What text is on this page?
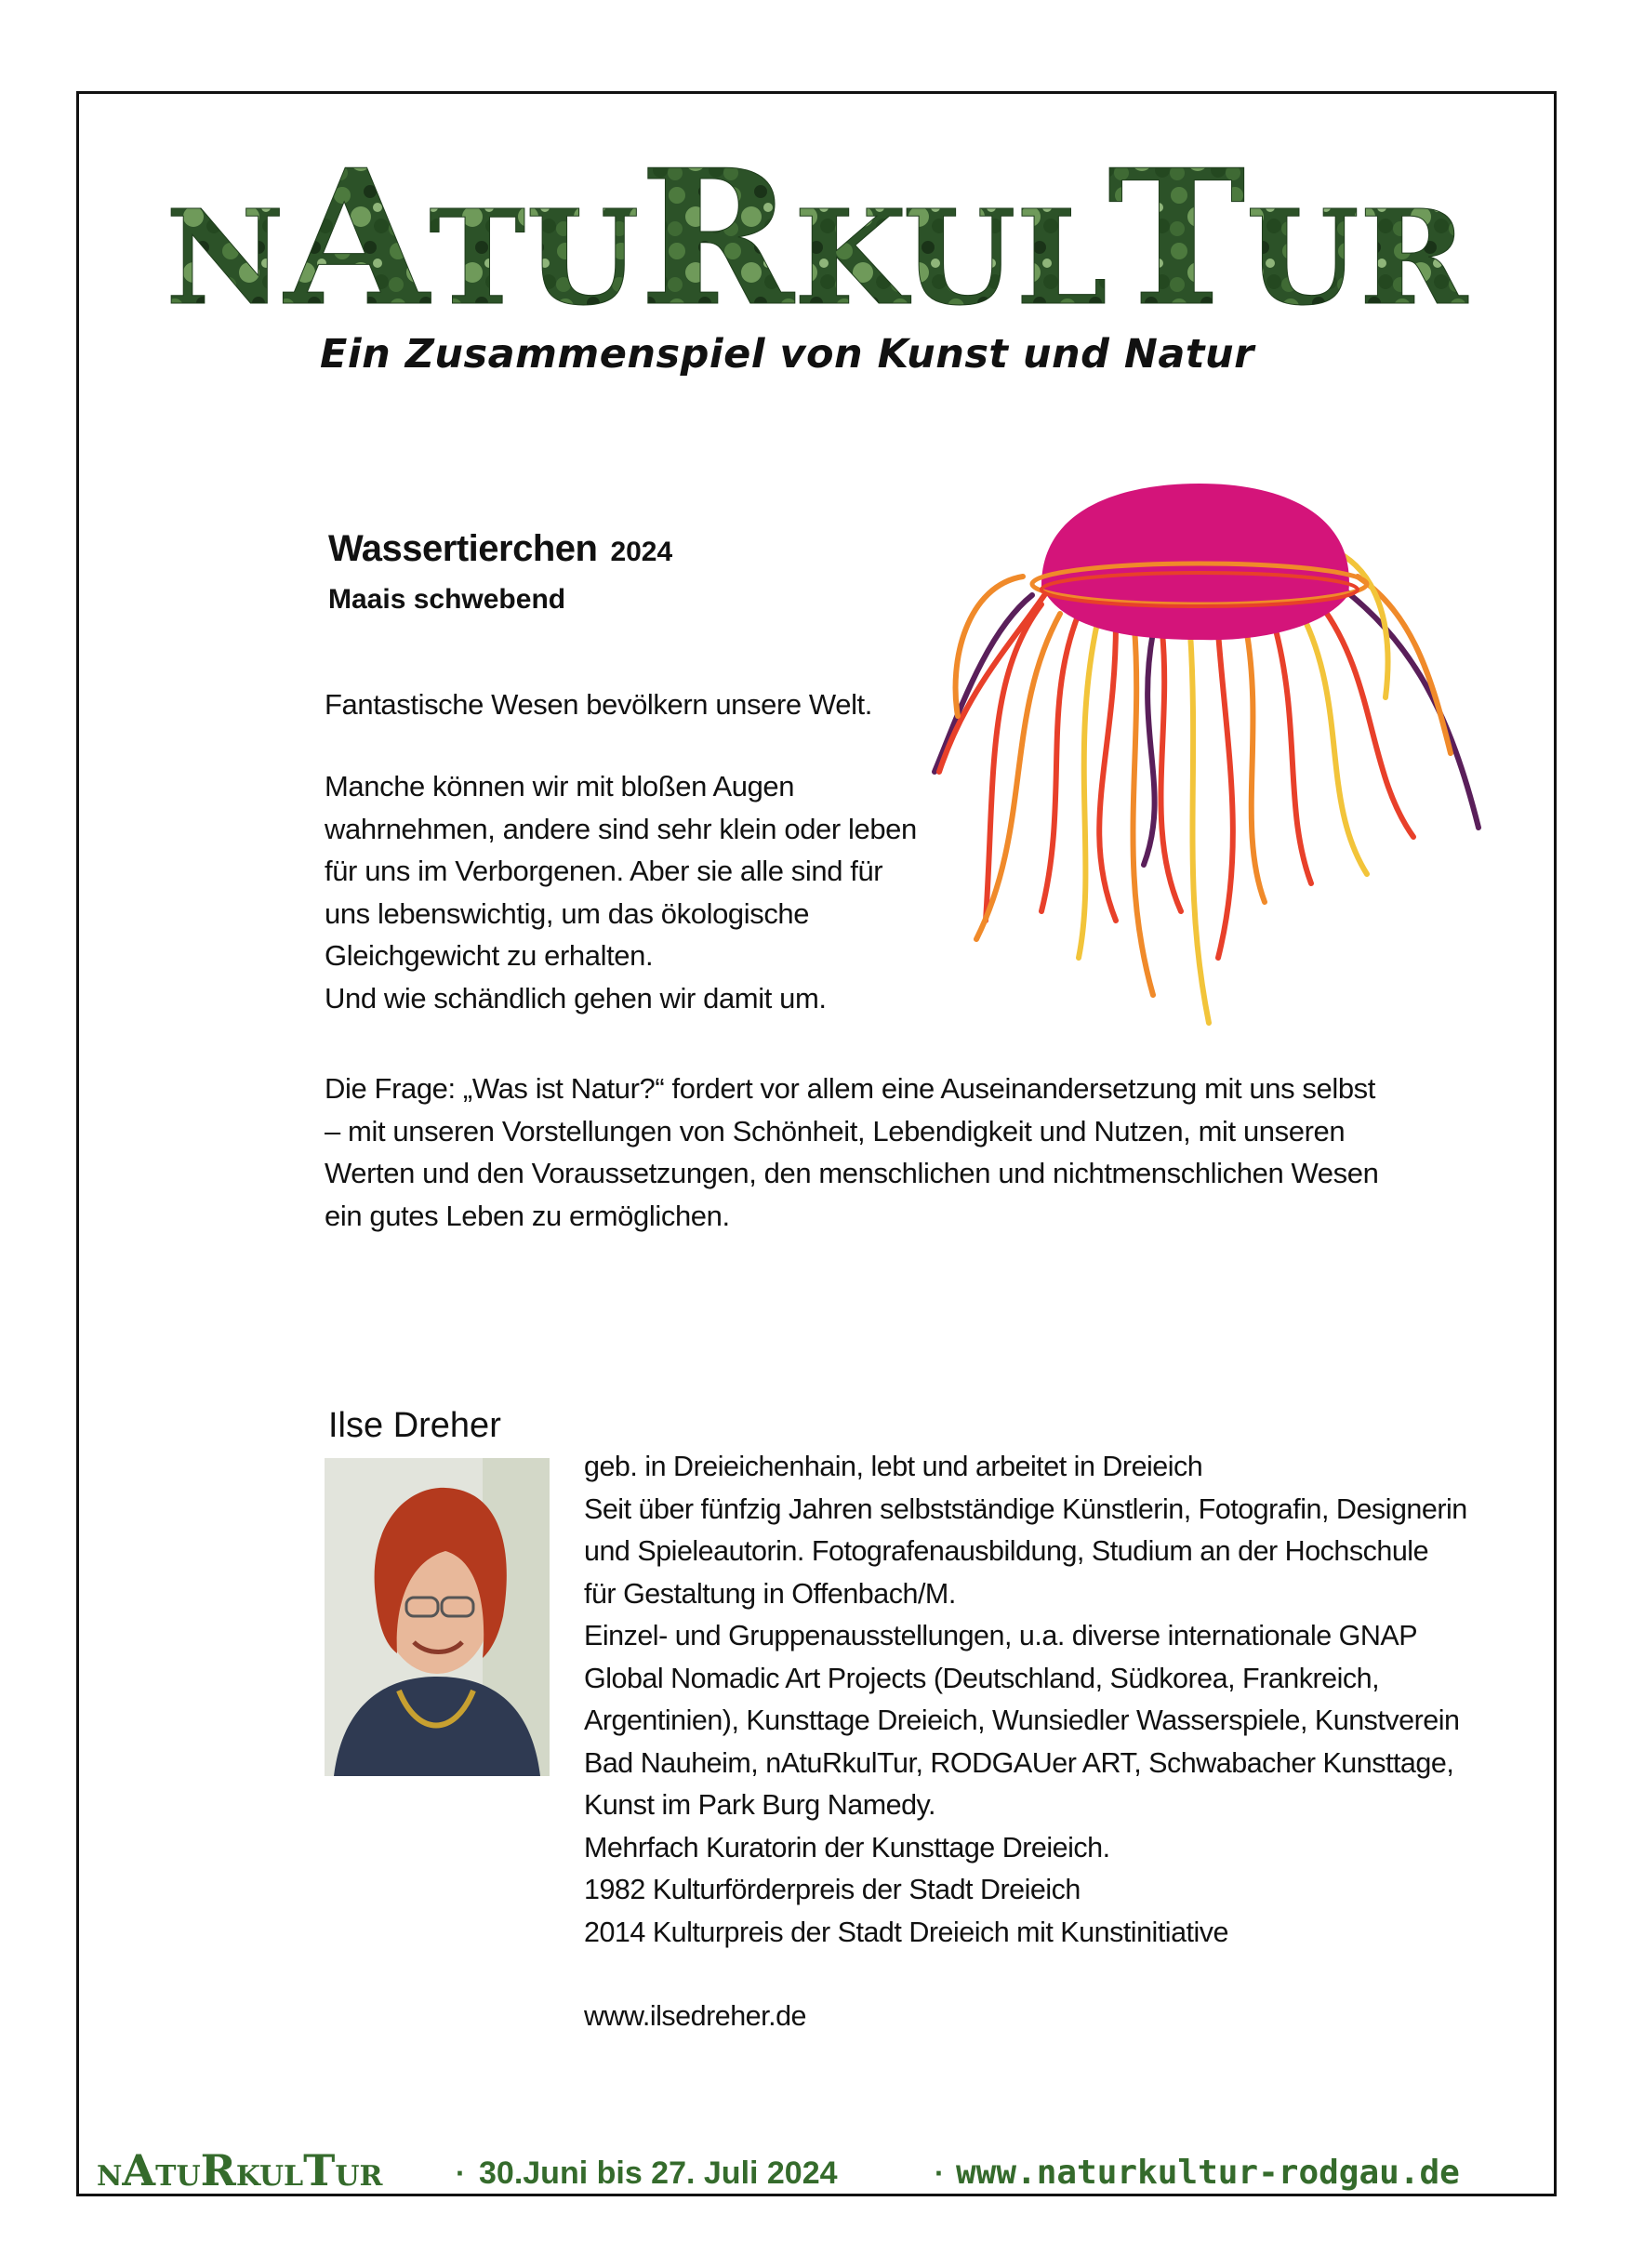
NATURKULTUR
Ein Zusammenspiel von Kunst und Natur
Wassertierchen 2024
Maais schwebend
Fantastische Wesen bevölkern unsere Welt.
Manche können wir mit bloßen Augen
wahrnehmen, andere sind sehr klein oder leben
für uns im Verborgenen. Aber sie alle sind für
uns lebenswichtig, um das ökologische
Gleichgewicht zu erhalten.
Und wie schändlich gehen wir damit um.
Die Frage: „Was ist Natur?“ fordert vor allem eine Auseinandersetzung mit uns selbst
– mit unseren Vorstellungen von Schönheit, Lebendigkeit und Nutzen, mit unseren
Werten und den Voraussetzungen, den menschlichen und nichtmenschlichen Wesen
ein gutes Leben zu ermöglichen.
Ilse Dreher
geb. in Dreieichenhain, lebt und arbeitet in Dreieich
Seit über fünfzig Jahren selbstständige Künstlerin, Fotografin, Designerin
und Spieleautorin. Fotografenausbildung, Studium an der Hochschule
für Gestaltung in Offenbach/M.
Einzel- und Gruppenausstellungen, u.a. diverse internationale GNAP
Global Nomadic Art Projects (Deutschland, Südkorea, Frankreich,
Argentinien), Kunsttage Dreieich, Wunsiedler Wasserspiele, Kunstverein
Bad Nauheim, nAtuRkulTur, RODGAUer ART, Schwabacher Kunsttage,
Kunst im Park Burg Namedy.
Mehrfach Kuratorin der Kunsttage Dreieich.
1982 Kulturförderpreis der Stadt Dreieich
2014 Kulturpreis der Stadt Dreieich mit Kunstinitiative
www.ilsedreher.de
NATURKULTUR · 30.Juni bis 27. Juli 2024	· www.naturkultur-rodgau.de
